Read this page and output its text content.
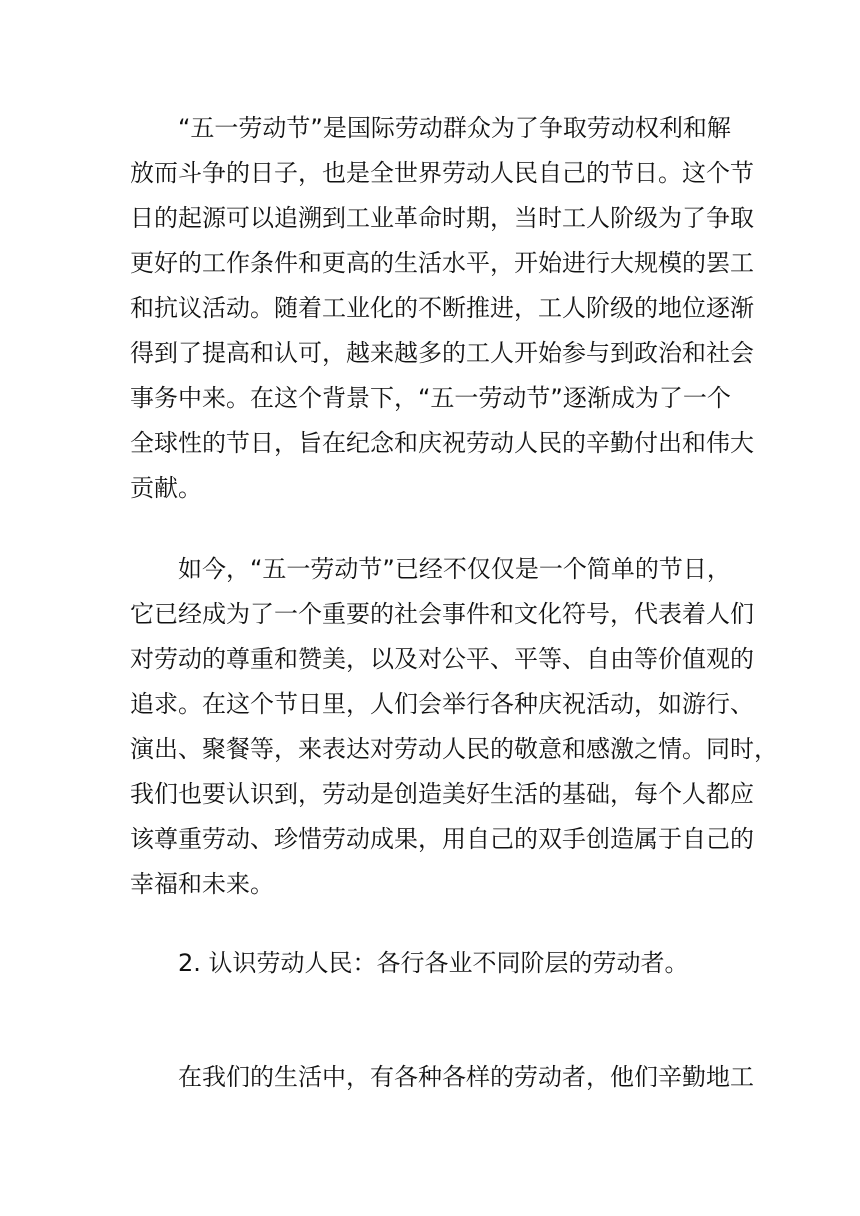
“五一劳动节”是国际劳动群众为了争取劳动权利和解
放而斗争的日子，也是全世界劳动人民自己的节日。这个节
日的起源可以追溯到工业革命时期，当时工人阶级为了争取
更好的工作条件和更高的生活水平，开始进行大规模的罢工
和抗议活动。随着工业化的不断推进，工人阶级的地位逐渐
得到了提高和认可，越来越多的工人开始参与到政治和社会
事务中来。在这个背景下，“五一劳动节”逐渐成为了一个
全球性的节日，旨在纪念和庆祝劳动人民的辛勤付出和伟大
贡献。
如今，“五一劳动节”已经不仅仅是一个简单的节日，
它已经成为了一个重要的社会事件和文化符号，代表着人们
对劳动的尊重和赞美，以及对公平、平等、自由等价值观的
追求。在这个节日里，人们会举行各种庆祝活动，如游行、
演出、聚餐等，来表达对劳动人民的敬意和感激之情。同时，
我们也要认识到，劳动是创造美好生活的基础，每个人都应
该尊重劳动、珍惜劳动成果，用自己的双手创造属于自己的
幸福和未来。
2. 认识劳动人民：各行各业不同阶层的劳动者。
在我们的生活中，有各种各样的劳动者，他们辛勤地工
